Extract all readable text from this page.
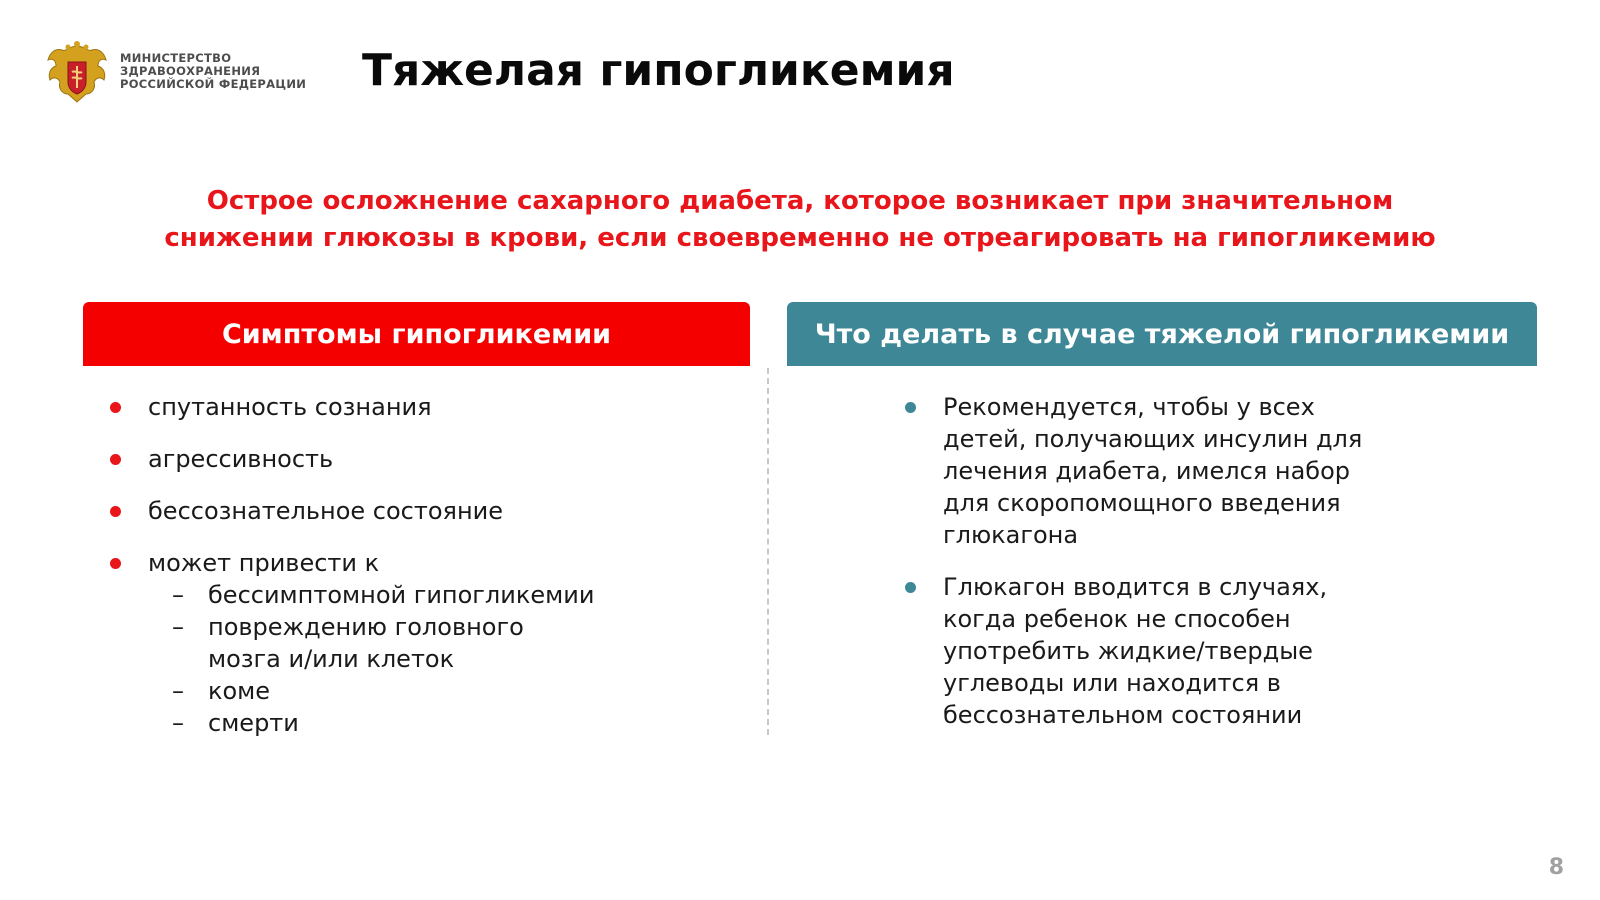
МИНИСТЕРСТВО
ЗДРАВООХРАНЕНИЯ
РОССИЙСКОЙ ФЕДЕРАЦИИ Тяжелая гипогликемия
Острое осложнение сахарного диабета, которое возникает при значительном
снижении глюкозы в крови, если своевременно не отреагировать на гипогликемию
Симптомы гипогликемии	Что делать в случае тяжелой гипогликемии
спутанность сознания
агрессивность
бессознательное состояние
может привести к
– бессимптомной гипогликемии
– повреждению головного мозга и/или клеток
– коме
– смерти
Рекомендуется, чтобы у всех детей, получающих инсулин для лечения диабета, имелся набор для скоропомощного введения глюкагона
Глюкагон вводится в случаях, когда ребенок не способен употребить жидкие/твердые углеводы или находится в бессознательном состоянии
8
